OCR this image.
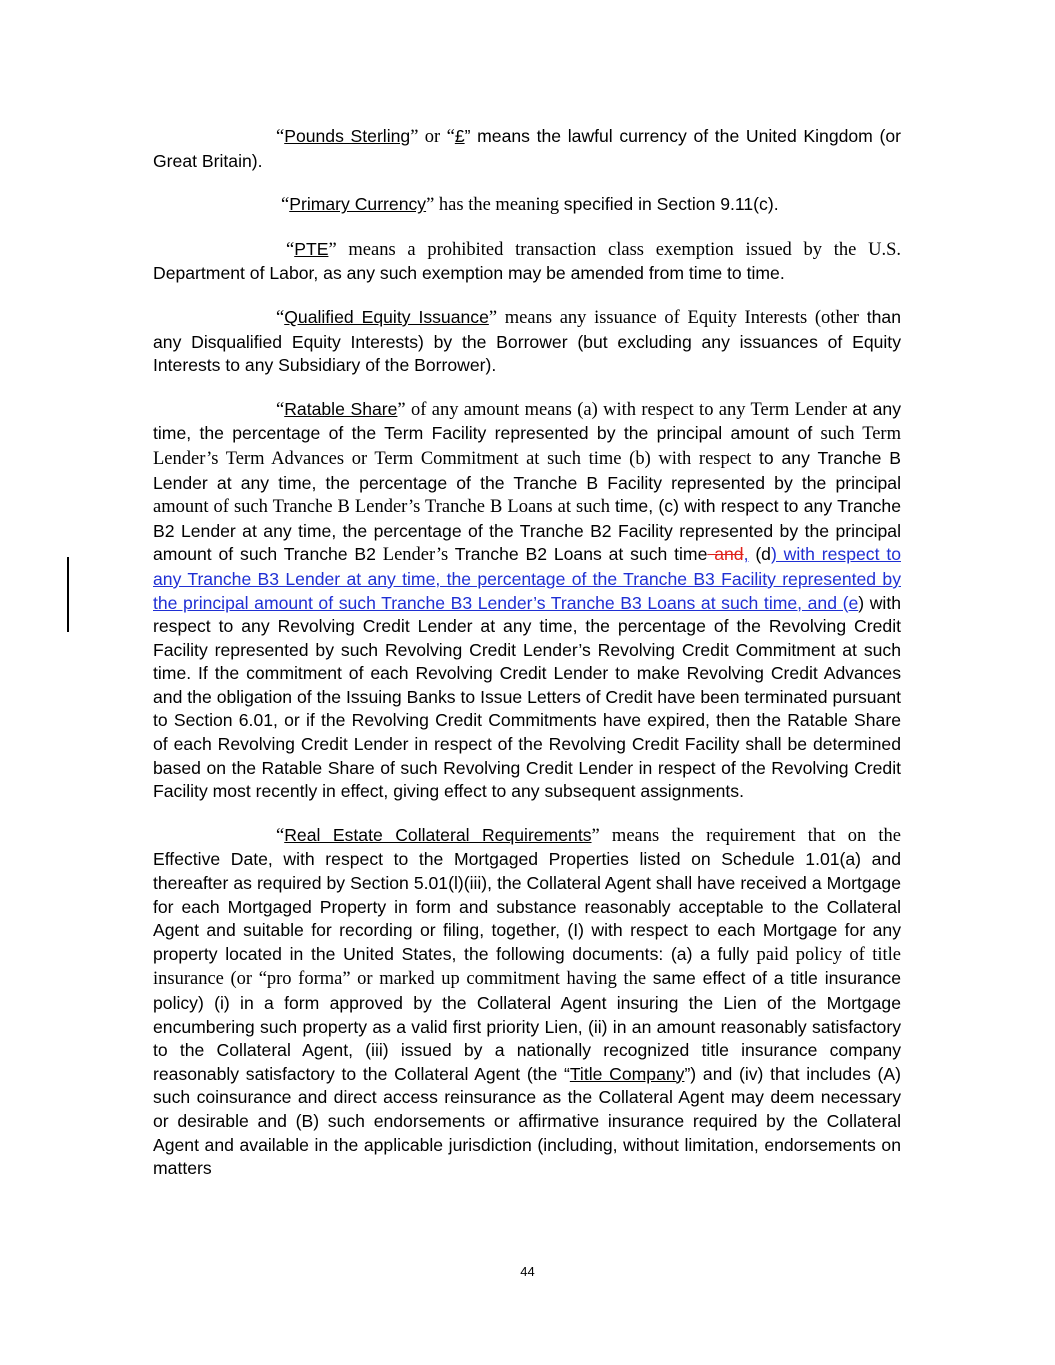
“Pounds Sterling” or “£” means the lawful currency of the United Kingdom (or Great Britain).

“Primary Currency” has the meaning specified in Section 9.11(c).

“PTE” means a prohibited transaction class exemption issued by the U.S. Department of Labor, as any such exemption may be amended from time to time.

“Qualified Equity Issuance” means any issuance of Equity Interests (other than any Disqualified Equity Interests) by the Borrower (but excluding any issuances of Equity Interests to any Subsidiary of the Borrower).

“Ratable Share” of any amount means (a) with respect to any Term Lender at any time, the percentage of the Term Facility represented by the principal amount of such Term Lender’s Term Advances or Term Commitment at such time (b) with respect to any Tranche B Lender at any time, the percentage of the Tranche B Facility represented by the principal amount of such Tranche B Lender’s Tranche B Loans at such time, (c) with respect to any Tranche B2 Lender at any time, the percentage of the Tranche B2 Facility represented by the principal amount of such Tranche B2 Lender’s Tranche B2 Loans at such time and, (d) with respect to any Tranche B3 Lender at any time, the percentage of the Tranche B3 Facility represented by the principal amount of such Tranche B3 Lender’s Tranche B3 Loans at such time, and (e) with respect to any Revolving Credit Lender at any time, the percentage of the Revolving Credit Facility represented by such Revolving Credit Lender’s Revolving Credit Commitment at such time. If the commitment of each Revolving Credit Lender to make Revolving Credit Advances and the obligation of the Issuing Banks to Issue Letters of Credit have been terminated pursuant to Section 6.01, or if the Revolving Credit Commitments have expired, then the Ratable Share of each Revolving Credit Lender in respect of the Revolving Credit Facility shall be determined based on the Ratable Share of such Revolving Credit Lender in respect of the Revolving Credit Facility most recently in effect, giving effect to any subsequent assignments.

“Real Estate Collateral Requirements” means the requirement that on the Effective Date, with respect to the Mortgaged Properties listed on Schedule 1.01(a) and thereafter as required by Section 5.01(l)(iii), the Collateral Agent shall have received a Mortgage for each Mortgaged Property in form and substance reasonably acceptable to the Collateral Agent and suitable for recording or filing, together, (I) with respect to each Mortgage for any property located in the United States, the following documents: (a) a fully paid policy of title insurance (or “pro forma” or marked up commitment having the same effect of a title insurance policy) (i) in a form approved by the Collateral Agent insuring the Lien of the Mortgage encumbering such property as a valid first priority Lien, (ii) in an amount reasonably satisfactory to the Collateral Agent, (iii) issued by a nationally recognized title insurance company reasonably satisfactory to the Collateral Agent (the “Title Company”) and (iv) that includes (A) such coinsurance and direct access reinsurance as the Collateral Agent may deem necessary or desirable and (B) such endorsements or affirmative insurance required by the Collateral Agent and available in the applicable jurisdiction (including, without limitation, endorsements on matters

44
